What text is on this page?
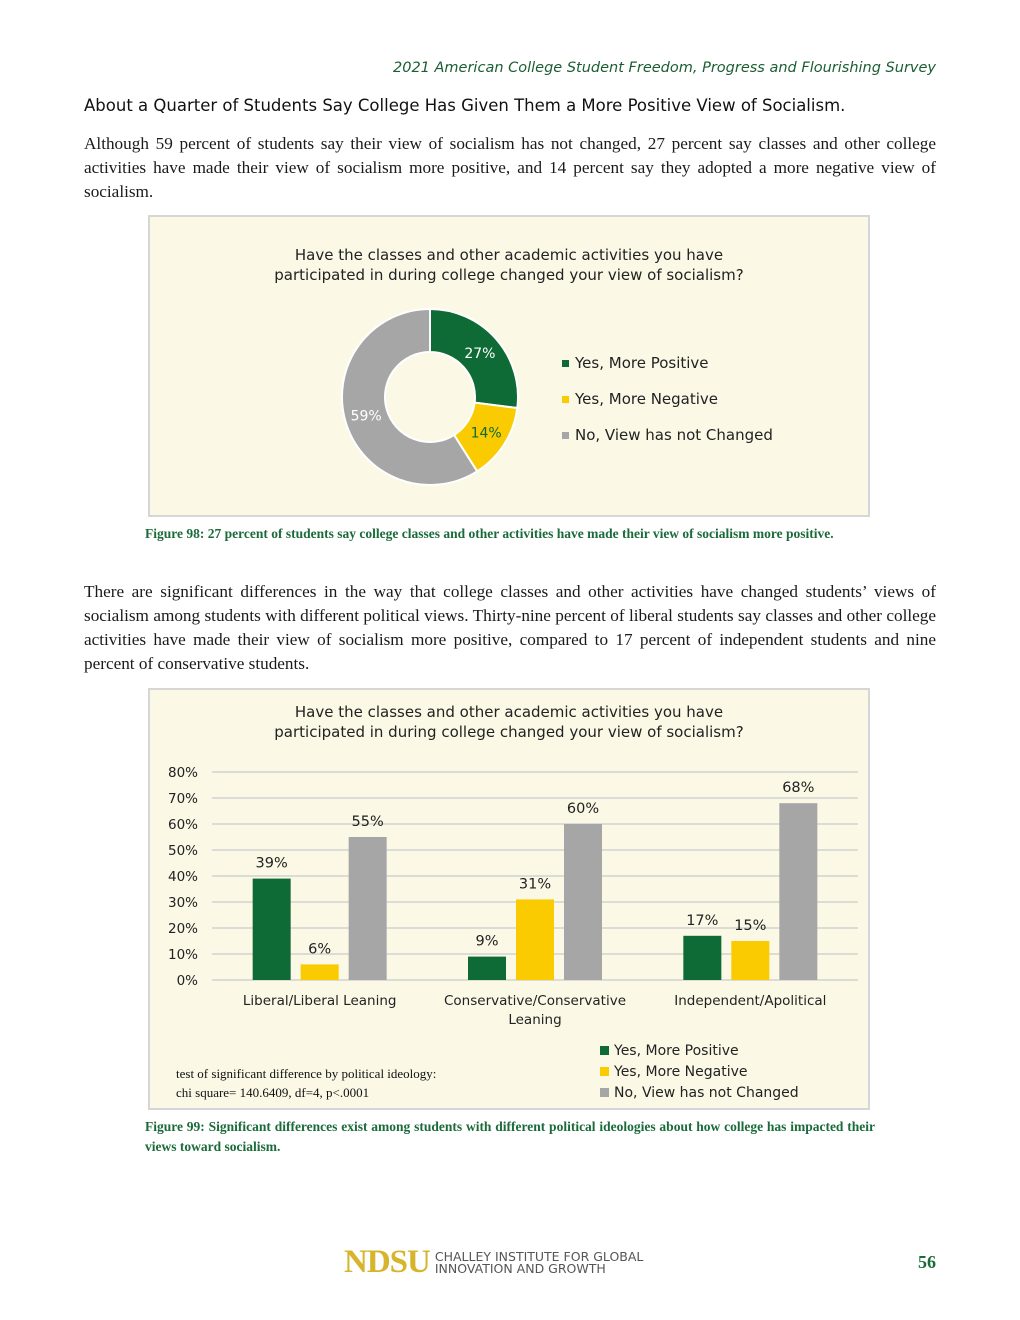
2021 American College Student Freedom, Progress and Flourishing Survey
About a Quarter of Students Say College Has Given Them a More Positive View of Socialism.
Although 59 percent of students say their view of socialism has not changed, 27 percent say classes and other college activities have made their view of socialism more positive, and 14 percent say they adopted a more negative view of socialism.
Have the classes and other academic activities you have
participated in during college changed your view of socialism?
27%
14%
59%
Yes, More Positive
Yes, More Negative
No, View has not Changed
Figure 98: 27 percent of students say college classes and other activities have made their view of socialism more positive.
There are significant differences in the way that college classes and other activities have changed students’ views of socialism among students with different political views. Thirty-nine percent of liberal students say classes and other college activities have made their view of socialism more positive, compared to 17 percent of independent students and nine percent of conservative students.
Have the classes and other academic activities you have
participated in during college changed your view of socialism?
0%
10%
20%
30%
40%
50%
60%
70%
80%
39%
6%
55%
Liberal/Liberal Leaning
9%
31%
60%
Conservative/Conservative
Leaning
17% 15%
68%
Independent/Apolitical
Yes, More Positive
Yes, More Negative
No, View has not Changed
test of significant difference by political ideology:
chi square= 140.6409, df=4, p<.0001
Figure 99: Significant differences exist among students with different political ideologies about how college has impacted their views toward socialism.
NDSU CHALLEY INSTITUTE FOR GLOBAL
INNOVATION AND GROWTH	56
